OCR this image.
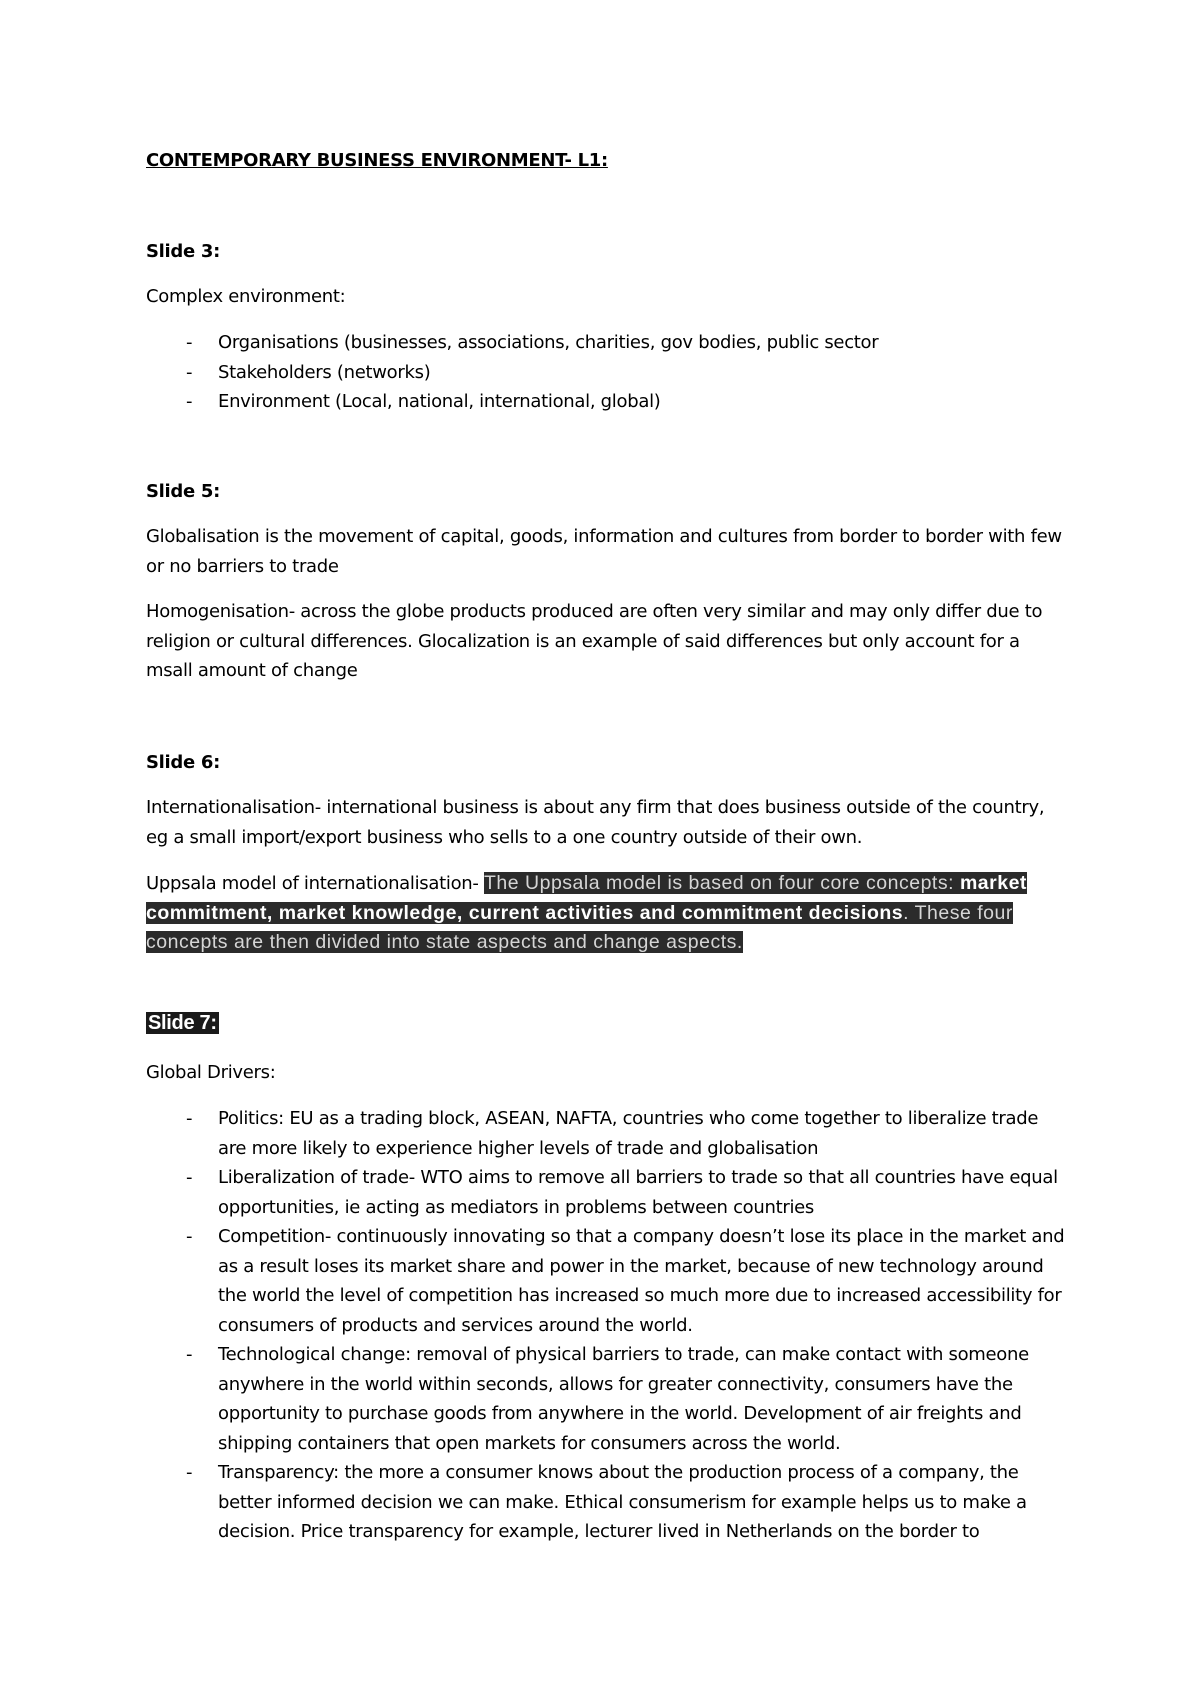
CONTEMPORARY BUSINESS ENVIRONMENT- L1:
Slide 3:
Complex environment:
- Organisations (businesses, associations, charities, gov bodies, public sector
- Stakeholders (networks)
- Environment (Local, national, international, global)
Slide 5:
Globalisation is the movement of capital, goods, information and cultures from border to border with few or no barriers to trade
Homogenisation- across the globe products produced are often very similar and may only differ due to religion or cultural differences. Glocalization is an example of said differences but only account for a msall amount of change
Slide 6:
Internationalisation- international business is about any firm that does business outside of the country, eg a small import/export business who sells to a one country outside of their own.
Uppsala model of internationalisation- The Uppsala model is based on four core concepts: market commitment, market knowledge, current activities and commitment decisions. These four concepts are then divided into state aspects and change aspects.
Slide 7:
Global Drivers:
- Politics: EU as a trading block, ASEAN, NAFTA, countries who come together to liberalize trade are more likely to experience higher levels of trade and globalisation
- Liberalization of trade- WTO aims to remove all barriers to trade so that all countries have equal opportunities, ie acting as mediators in problems between countries
- Competition- continuously innovating so that a company doesn’t lose its place in the market and as a result loses its market share and power in the market, because of new technology around the world the level of competition has increased so much more due to increased accessibility for consumers of products and services around the world.
- Technological change: removal of physical barriers to trade, can make contact with someone anywhere in the world within seconds, allows for greater connectivity, consumers have the opportunity to purchase goods from anywhere in the world. Development of air freights and shipping containers that open markets for consumers across the world.
- Transparency: the more a consumer knows about the production process of a company, the better informed decision we can make. Ethical consumerism for example helps us to make a decision. Price transparency for example, lecturer lived in Netherlands on the border to
